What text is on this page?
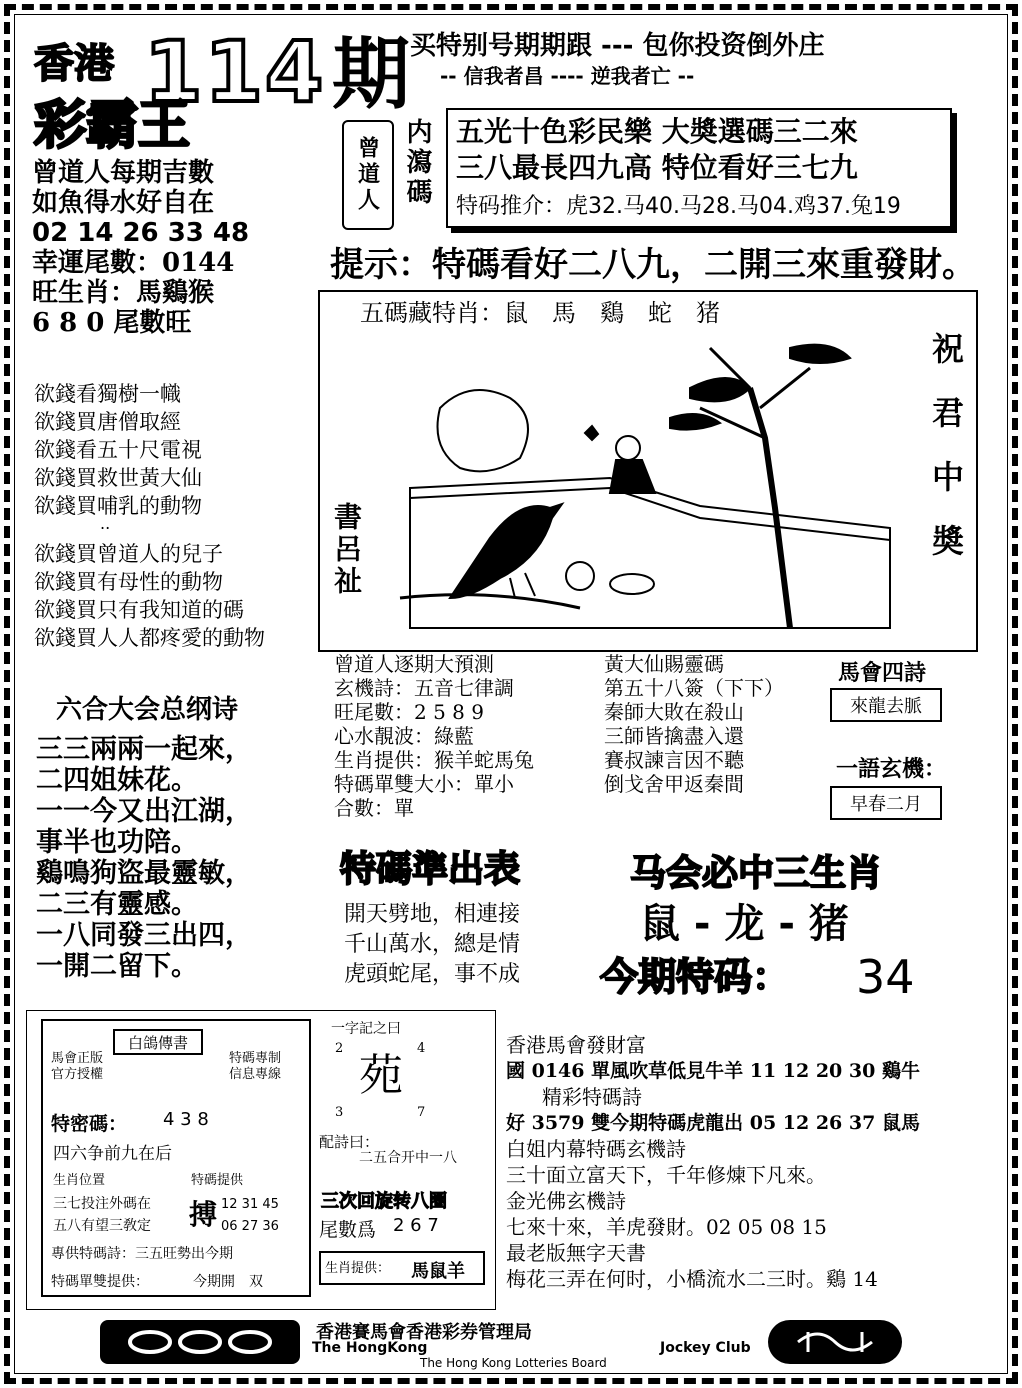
香港 114 期
彩霸王
买特别号期期跟 --- 包你投资倒外庄
-- 信我者昌 ---- 逆我者亡 --
曾道人每期吉數
如魚得水好自在
02 14 26 33 48
幸運尾數：0144
旺生肖：馬鷄猴
6 8 0 尾數旺
曾道人 内瀉碼 五光十色彩民樂 大奬選碼三二來
三八最長四九高 特位看好三七九
特码推介：虎32.马40.马28.马04.鸡37.兔19
提示：特碼看好二八九，二開三來重發財。
欲錢看獨樹一幟
欲錢買唐僧取經
欲錢看五十尺電視
欲錢買救世黃大仙
欲錢買哺乳的動物
..
欲錢買曾道人的兒子
欲錢買有母性的動物
欲錢買只有我知道的碼
欲錢買人人都疼愛的動物
五碼藏特肖：鼠　馬　鷄　蛇　猪
書呂祉	祝君中奬
曾道人逐期大預測
玄機詩：五音七律調
旺尾數：2 5 8 9
心水靚波：綠藍
生肖提供：猴羊蛇馬兔
特碼單雙大小：單小
合數：單
黃大仙賜靈碼
第五十八簽（下下）
秦師大敗在殺山
三師皆擒盡入還
賽叔諫言因不聽
倒戈舍甲返秦間
馬會四詩
來龍去脈
一語玄機：
早春二月
六合大会总纲诗
三三兩兩一起來，
二四姐妹花。
一一今又出江湖，
事半也功陪。
鷄鳴狗盜最靈敏，
二三有靈感。
一八同發三出四，
一開二留下。
特碼準出表
開天劈地，相連接
千山萬水，總是情
虎頭蛇尾，事不成
马会必中三生肖
鼠 - 龙 - 猪
今期特码： 34
白鴿傳書
馬會正版
官方授權
特碼專制
信息專線
特密碼： 4 3 8
四六争前九在后
生肖位置
三七投注外碼在
五八有望三敎定
特碼提供
搏 12 31 45
06 27 36
專供特碼詩：三五旺勢出今期
特碼單雙提供：	今期開　双
一字記之曰
2	4
苑
3	7
配詩曰：
二五合开中一八
三次回旋转八圈
尾數爲 2 6 7
生肖提供： 馬鼠羊
香港馬會發財富
國 0146 單風吹草低見牛羊 11 12 20 30 鷄牛
精彩特碼詩
好 3579 雙今期特碼虎龍出 05 12 26 37 鼠馬
白姐内幕特碼玄機詩
三十面立富天下，千年修煉下凡來。
金光佛玄機詩
七來十來，羊虎發財。02 05 08 15
最老版無字天書
梅花三弄在何时，小橋流水二三时。鷄 14
香港賽馬會香港彩券管理局
The HongKong	Jockey Club
The Hong Kong Lotteries Board
